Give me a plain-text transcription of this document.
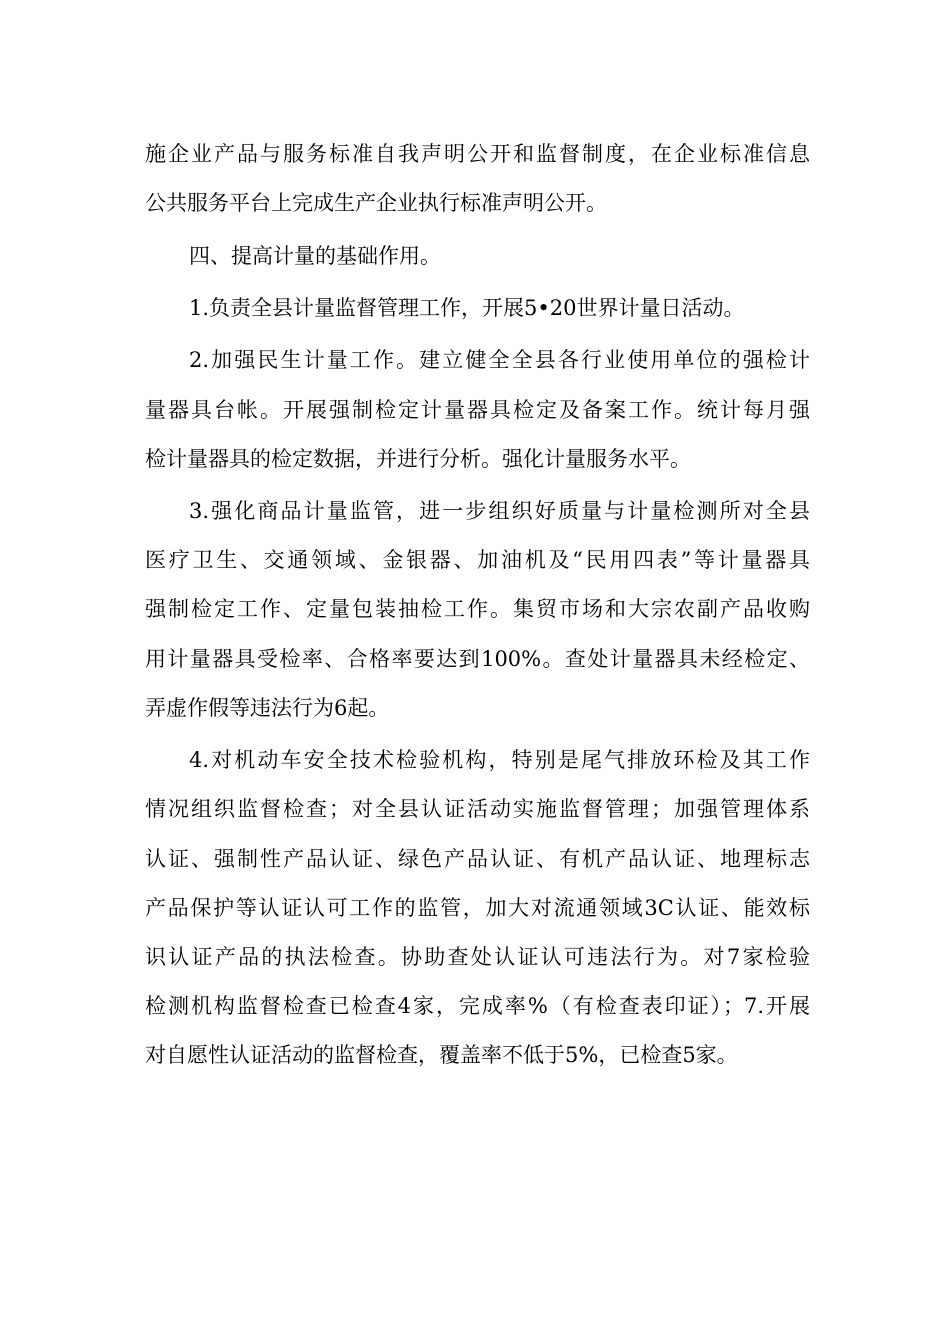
施企业产品与服务标准自我声明公开和监督制度，在企业标准信息
公共服务平台上完成生产企业执行标准声明公开。
四、提高计量的基础作用。
1.负责全县计量监督管理工作，开展5•20世界计量日活动。
2.加强民生计量工作。建立健全全县各行业使用单位的强检计
量器具台帐。开展强制检定计量器具检定及备案工作。统计每月强
检计量器具的检定数据，并进行分析。强化计量服务水平。
3.强化商品计量监管，进一步组织好质量与计量检测所对全县
医疗卫生、交通领域、金银器、加油机及“民用四表”等计量器具
强制检定工作、定量包装抽检工作。集贸市场和大宗农副产品收购
用计量器具受检率、合格率要达到100%。查处计量器具未经检定、
弄虚作假等违法行为6起。
4.对机动车安全技术检验机构，特别是尾气排放环检及其工作
情况组织监督检查；对全县认证活动实施监督管理；加强管理体系
认证、强制性产品认证、绿色产品认证、有机产品认证、地理标志
产品保护等认证认可工作的监管，加大对流通领域3C认证、能效标
识认证产品的执法检查。协助查处认证认可违法行为。对7家检验
检测机构监督检查已检查4家，完成率%（有检查表印证）；7.开展
对自愿性认证活动的监督检查，覆盖率不低于5%，已检查5家。
